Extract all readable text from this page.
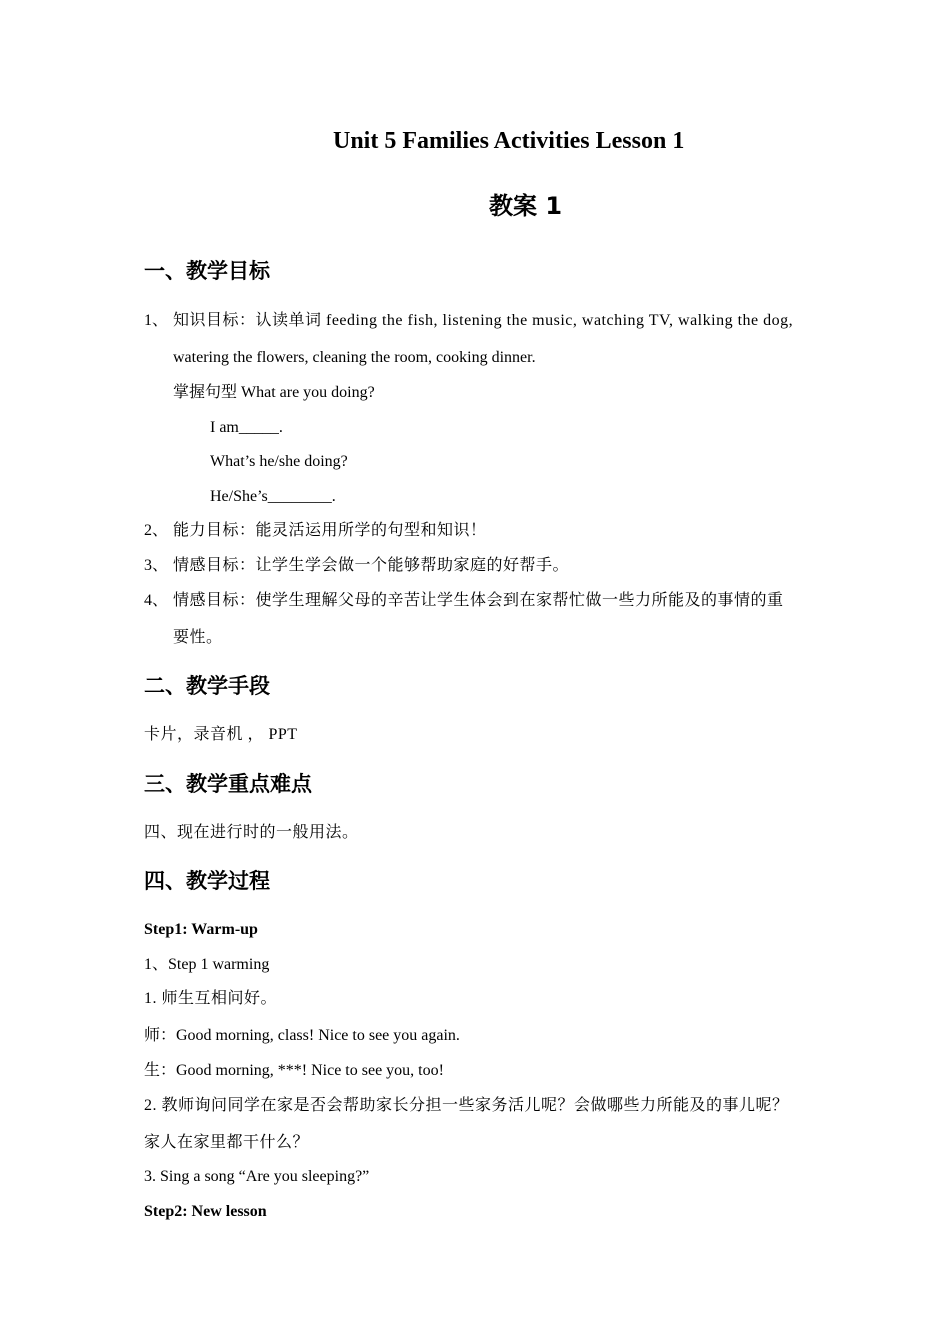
Unit 5 Families Activities Lesson 1
教案 1
一、教学目标
1、 知识目标：认读单词 feeding the fish, listening the music, watching TV, walking the dog,
watering the flowers, cleaning the room, cooking dinner.
掌握句型 What are you doing?
I am_____.
What’s he/she doing?
He/She’s________.
2、 能力目标：能灵活运用所学的句型和知识！
3、 情感目标：让学生学会做一个能够帮助家庭的好帮手。
4、 情感目标：使学生理解父母的辛苦让学生体会到在家帮忙做一些力所能及的事情的重
要性。
二、教学手段
卡片，录音机 ， PPT
三、教学重点难点
四、现在进行时的一般用法。
四、教学过程
Step1: Warm-up
1、Step 1 warming
1. 师生互相问好。
师：Good morning, class! Nice to see you again.
生：Good morning, ***! Nice to see you, too!
2. 教师询问同学在家是否会帮助家长分担一些家务活儿呢？会做哪些力所能及的事儿呢？
家人在家里都干什么？
3. Sing a song “Are you sleeping?”
Step2: New lesson
